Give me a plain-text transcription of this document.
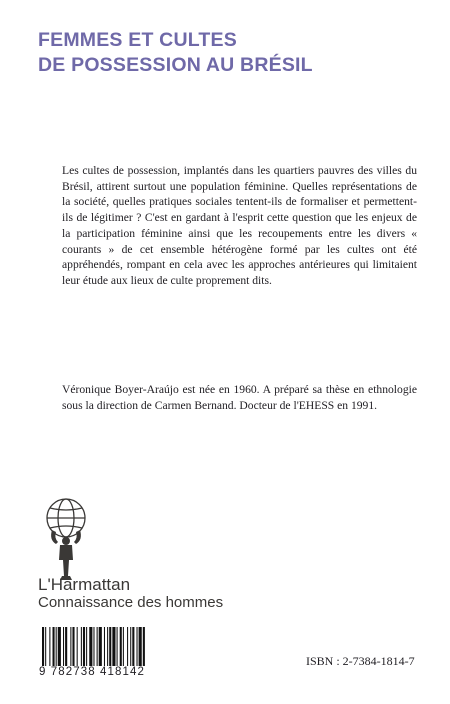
FEMMES ET CULTES
DE POSSESSION AU BRÉSIL

Les cultes de possession, implantés dans les quartiers pauvres des villes du Brésil, attirent surtout une population féminine. Quelles représentations de la société, quelles pratiques sociales tentent-ils de formaliser et permettent-ils de légitimer ? C'est en gardant à l'esprit cette question que les enjeux de la participation féminine ainsi que les recoupements entre les divers « courants » de cet ensemble hétérogène formé par les cultes ont été appréhendés, rompant en cela avec les approches antérieures qui limitaient leur étude aux lieux de culte proprement dits.

Véronique Boyer-Araújo est née en 1960. A préparé sa thèse en ethnologie sous la direction de Carmen Bernand. Docteur de l'EHESS en 1991.

L'Harmattan
Connaissance des hommes
9 782738 418142
ISBN : 2-7384-1814-7
